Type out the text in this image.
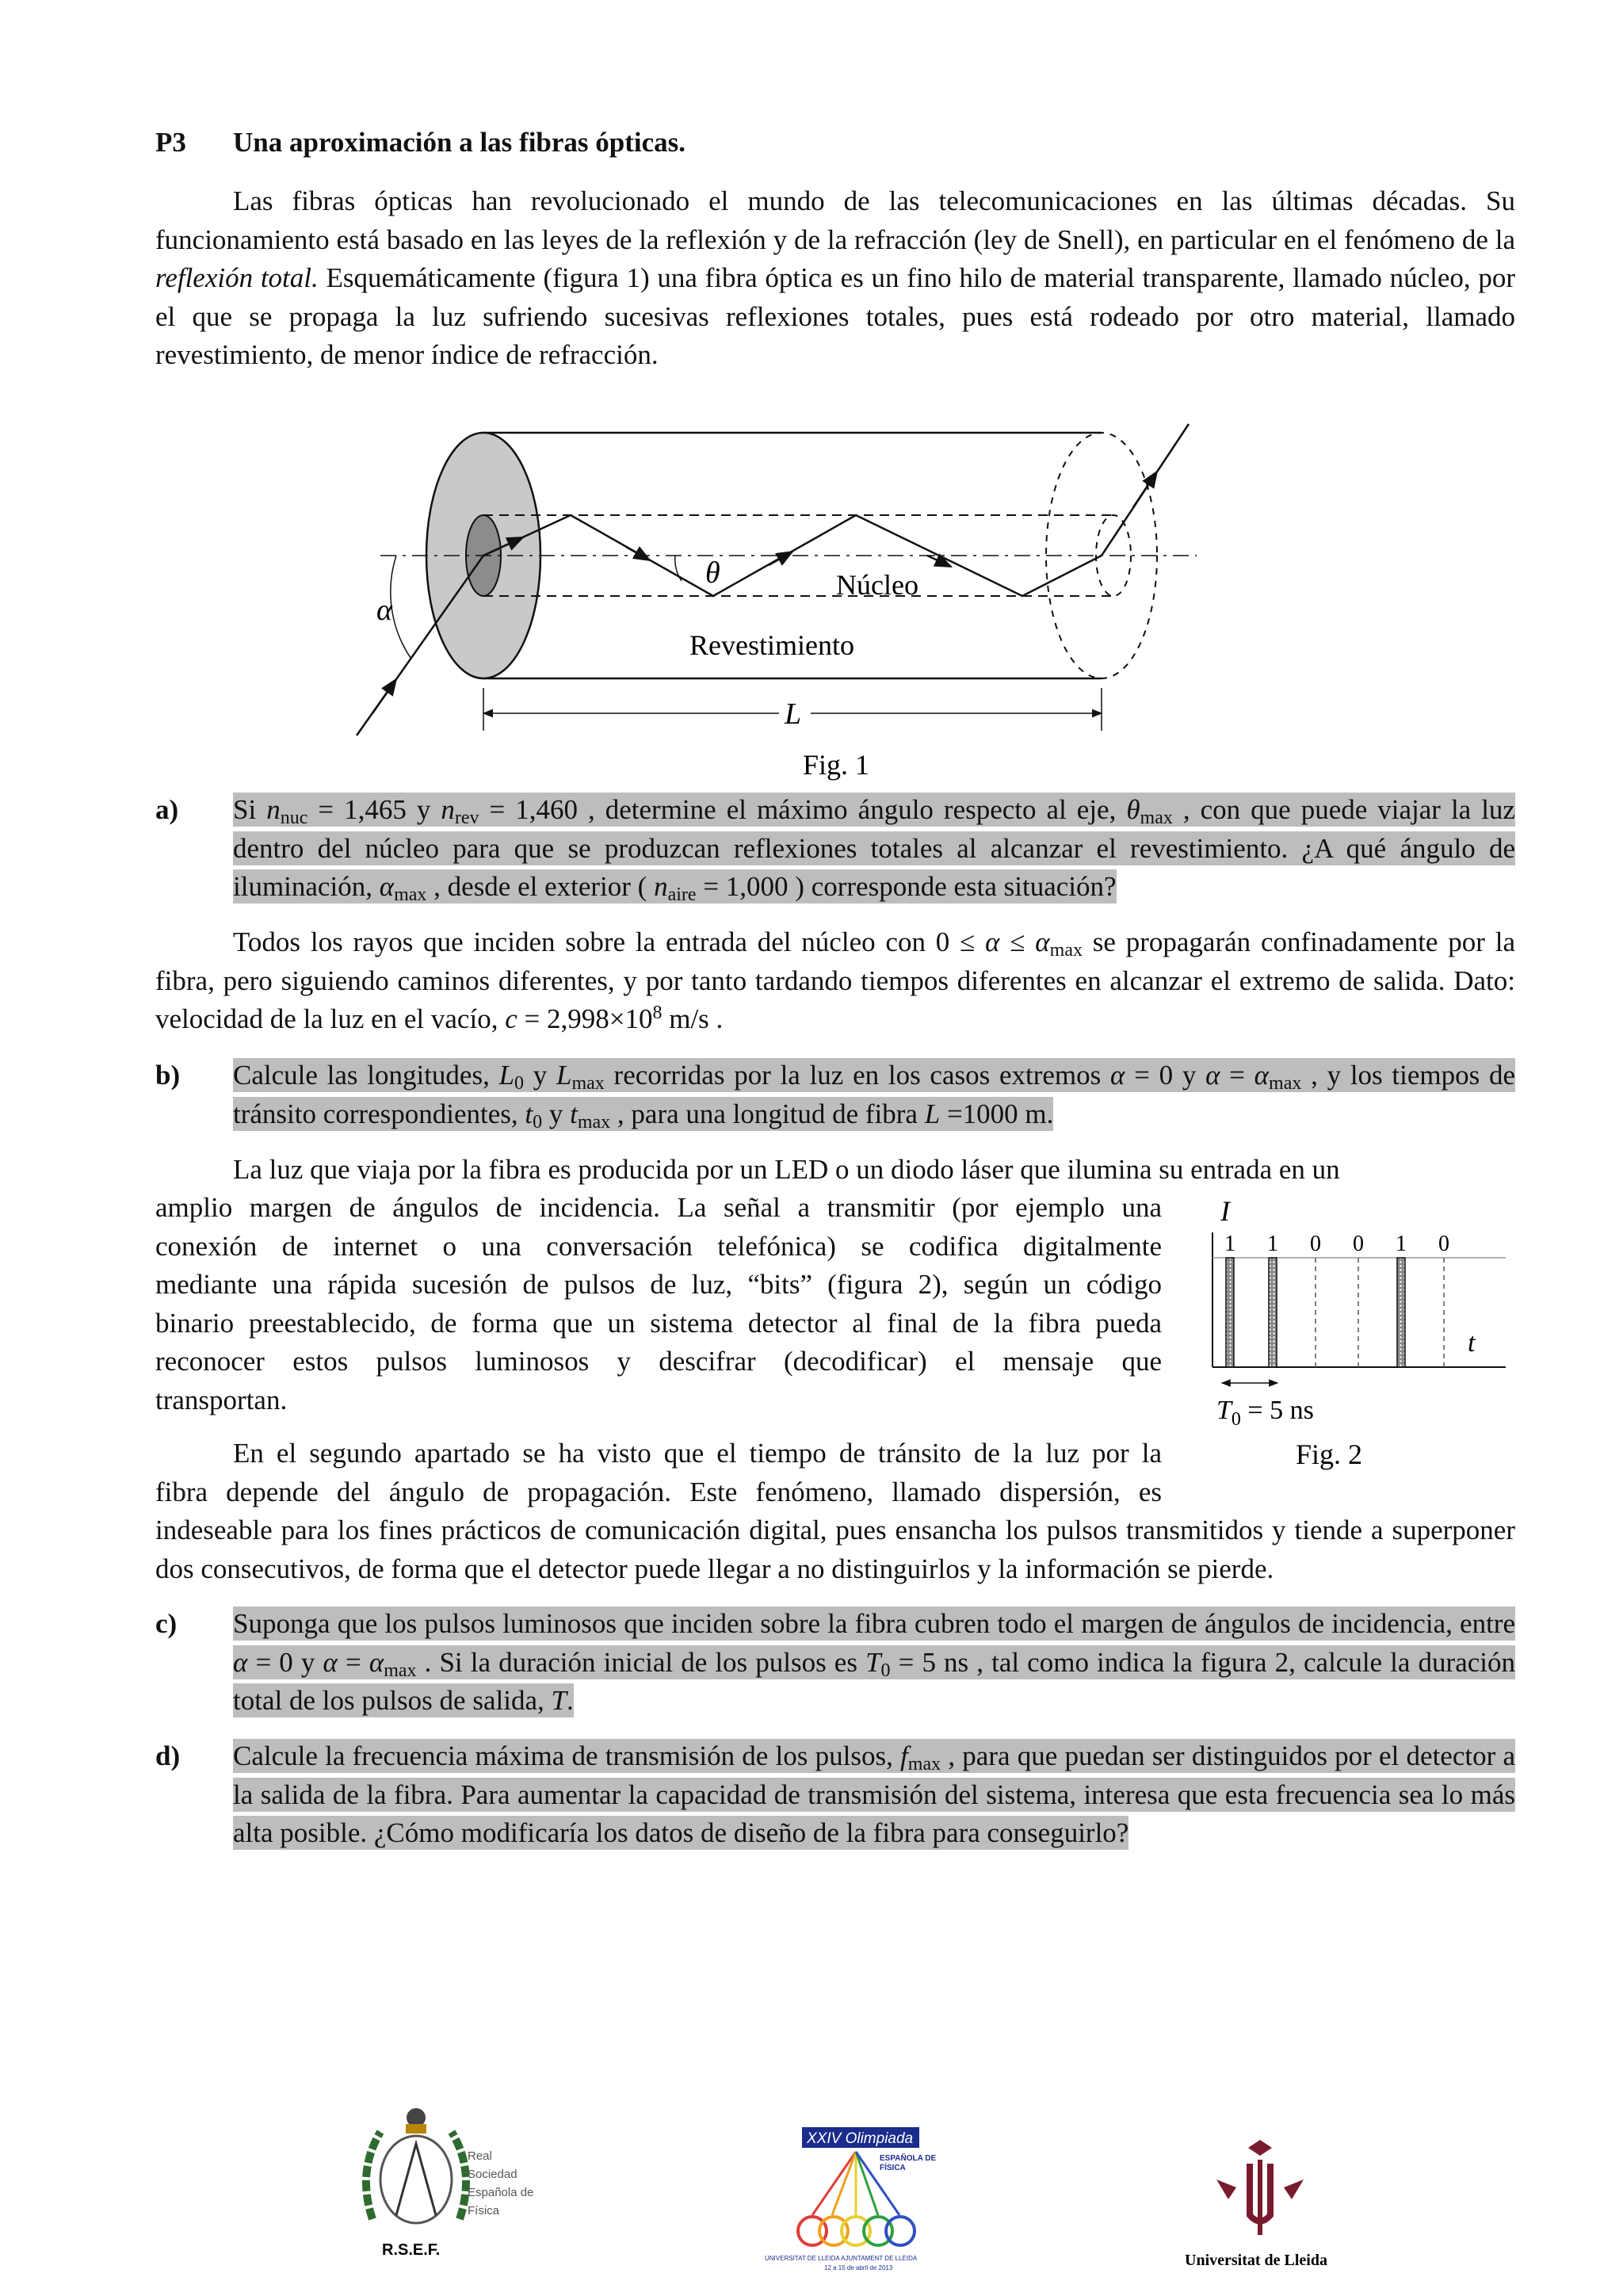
P3 Una aproximación a las fibras ópticas.
Las fibras ópticas han revolucionado el mundo de las telecomunicaciones en las últimas décadas. Su funcionamiento está basado en las leyes de la reflexión y de la refracción (ley de Snell), en particular en el fenómeno de la reflexión total. Esquemáticamente (figura 1) una fibra óptica es un fino hilo de material transparente, llamado núcleo, por el que se propaga la luz sufriendo sucesivas reflexiones totales, pues está rodeado por otro material, llamado revestimiento, de menor índice de refracción.
α
θ	Núcleo
Revestimiento
L
Fig. 1
a) Si $n_{nuc} = 1,465$ y $n_{rev} = 1,460$ , determine el máximo ángulo respecto al eje, $\theta_{max}$ , con que puede viajar la luz dentro del núcleo para que se produzcan reflexiones totales al alcanzar el revestimiento. ¿A qué ángulo de iluminación, $\alpha_{max}$ , desde el exterior ( $n_{aire} = 1,000$ ) corresponde esta situación?
Todos los rayos que inciden sobre la entrada del núcleo con $0 \le \alpha \le \alpha_{max}$ se propagarán confinadamente por la fibra, pero siguiendo caminos diferentes, y por tanto tardando tiempos diferentes en alcanzar el extremo de salida. Dato: velocidad de la luz en el vacío, $c = 2,998\times 10^8$ m/s .
b) Calcule las longitudes, $L_0$ y $L_{max}$ recorridas por la luz en los casos extremos α = 0 y $\alpha = \alpha_{max}$ , y los tiempos de tránsito correspondientes, $t_0$ y $t_{max}$ , para una longitud de fibra L =1000 m.
La luz que viaja por la fibra es producida por un LED o un diodo láser que ilumina su entrada en un
amplio margen de ángulos de incidencia. La señal a transmitir (por ejemplo una
conexión de internet o una conversación telefónica) se codifica digitalmente
mediante una rápida sucesión de pulsos de luz, “bits” (figura 2), según un código
binario preestablecido, de forma que un sistema detector al final de la fibra pueda
reconocer estos pulsos luminosos y descifrar (decodificar) el mensaje que
transportan.
En el segundo apartado se ha visto que el tiempo de tránsito de la luz por la
fibra depende del ángulo de propagación. Este fenómeno, llamado dispersión, es
indeseable para los fines prácticos de comunicación digital, pues ensancha los pulsos transmitidos y tiende a superponer dos consecutivos, de forma que el detector puede llegar a no distinguirlos y la información se pierde.
I
1 1 0 0 1 0
t
$T_0 = 5$ ns
Fig. 2
c) Suponga que los pulsos luminosos que inciden sobre la fibra cubren todo el margen de ángulos de incidencia, entre α = 0 y $\alpha = \alpha_{max}$ . Si la duración inicial de los pulsos es $T_0 = 5$ ns , tal como indica la figura 2, calcule la duración total de los pulsos de salida, T.
d) Calcule la frecuencia máxima de transmisión de los pulsos, $f_{max}$ , para que puedan ser distinguidos por el detector a la salida de la fibra. Para aumentar la capacidad de transmisión del sistema, interesa que esta frecuencia sea lo más alta posible. ¿Cómo modificaría los datos de diseño de la fibra para conseguirlo?
R.S.E.F.
Real
Sociedad
Española de
Física
XXIV Olimpiada
ESPAÑOLA DE
FÍSICA
UNIVERSITAT DE LLEIDA AJUNTAMENT DE LLEIDA
12 a 15 de abril de 2013	Universitat de Lleida
